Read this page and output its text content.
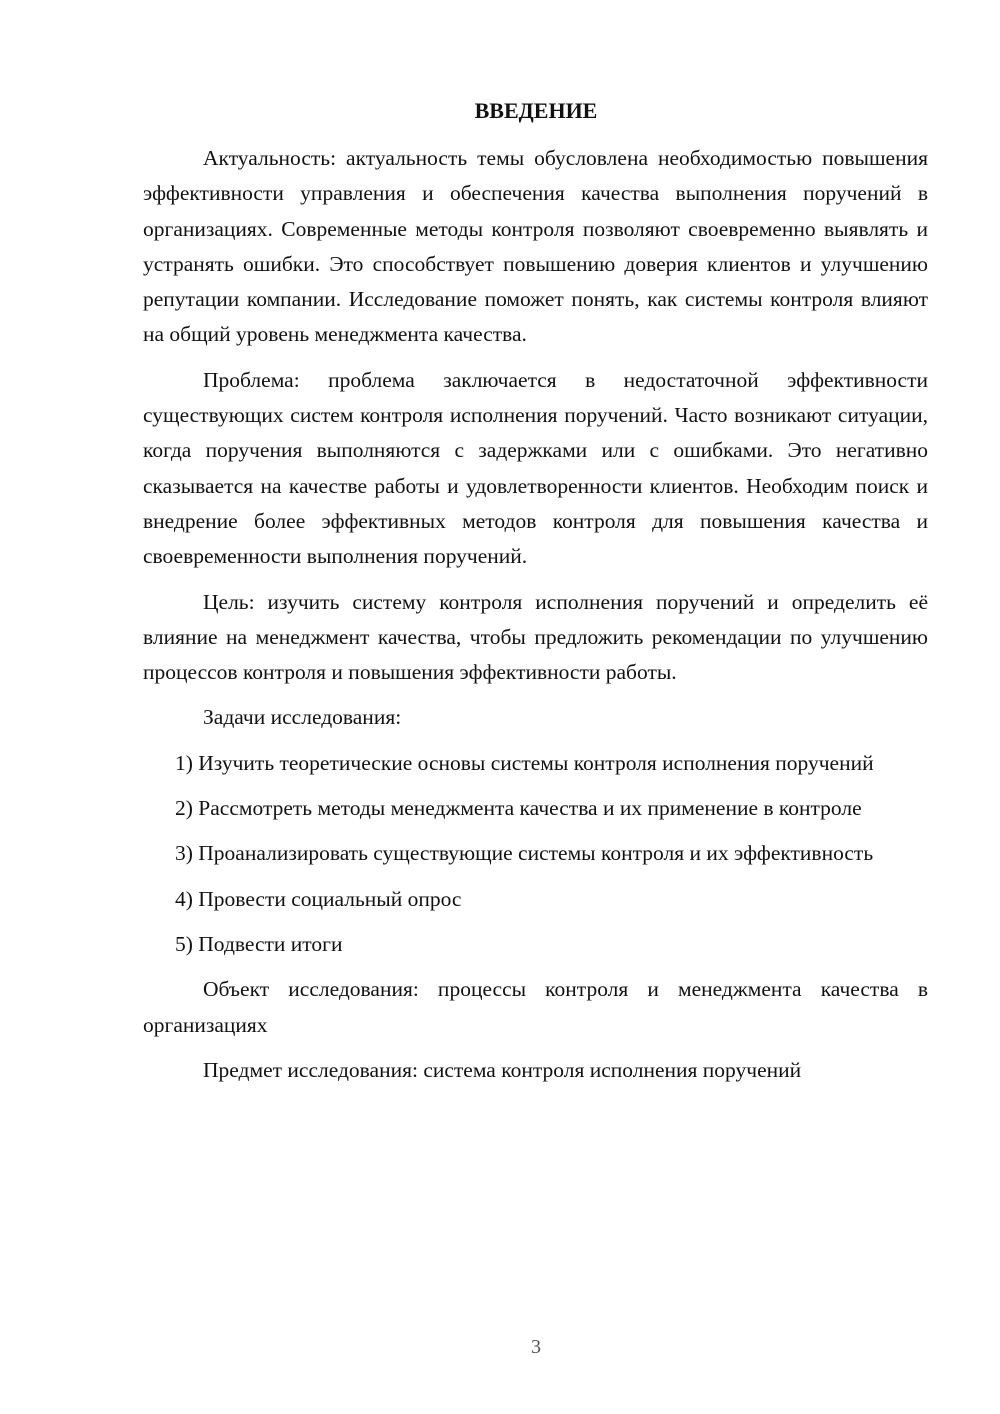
ВВЕДЕНИЕ

Актуальность: актуальность темы обусловлена необходимостью повышения эффективности управления и обеспечения качества выполнения поручений в организациях. Современные методы контроля позволяют своевременно выявлять и устранять ошибки. Это способствует повышению доверия клиентов и улучшению репутации компании. Исследование поможет понять, как системы контроля влияют на общий уровень менеджмента качества.

Проблема: проблема заключается в недостаточной эффективности существующих систем контроля исполнения поручений. Часто возникают ситуации, когда поручения выполняются с задержками или с ошибками. Это негативно сказывается на качестве работы и удовлетворенности клиентов. Необходим поиск и внедрение более эффективных методов контроля для повышения качества и своевременности выполнения поручений.

Цель: изучить систему контроля исполнения поручений и определить её влияние на менеджмент качества, чтобы предложить рекомендации по улучшению процессов контроля и повышения эффективности работы.

Задачи исследования:

1) Изучить теоретические основы системы контроля исполнения поручений

2) Рассмотреть методы менеджмента качества и их применение в контроле

3) Проанализировать существующие системы контроля и их эффективность

4) Провести социальный опрос

5) Подвести итоги

Объект исследования: процессы контроля и менеджмента качества в организациях

Предмет исследования: система контроля исполнения поручений

3
